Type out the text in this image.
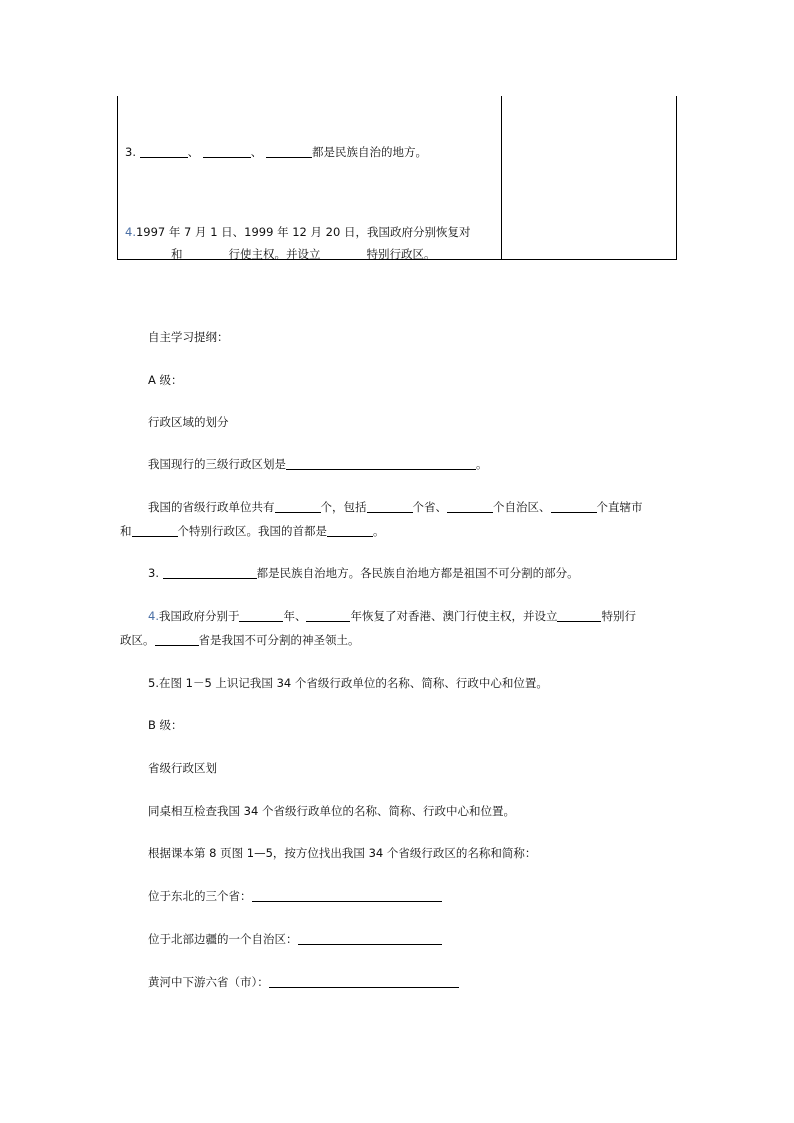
3.	、	、	都是民族自治的地方。
4.1997 年 7 月 1 日、1999 年 12 月 20 日，我国政府分别恢复对
和	行使主权。并设立	特别行政区。
自主学习提纲：
A 级：
行政区域的划分
我国现行的三级行政区划是	。
我国的省级行政单位共有	个，包括	个省、	个自治区、	个直辖市
和	个特别行政区。我国的首都是	。
3.	都是民族自治地方。各民族自治地方都是祖国不可分割的部分。
4.我国政府分别于	年、	年恢复了对香港、澳门行使主权，并设立	特别行
政区。	省是我国不可分割的神圣领土。
5.在图 1－5 上识记我国 34 个省级行政单位的名称、简称、行政中心和位置。
B 级：
省级行政区划
同桌相互检查我国 34 个省级行政单位的名称、简称、行政中心和位置。
根据课本第 8 页图 1—5，按方位找出我国 34 个省级行政区的名称和简称：
位于东北的三个省：
位于北部边疆的一个自治区：
黄河中下游六省（市）：
